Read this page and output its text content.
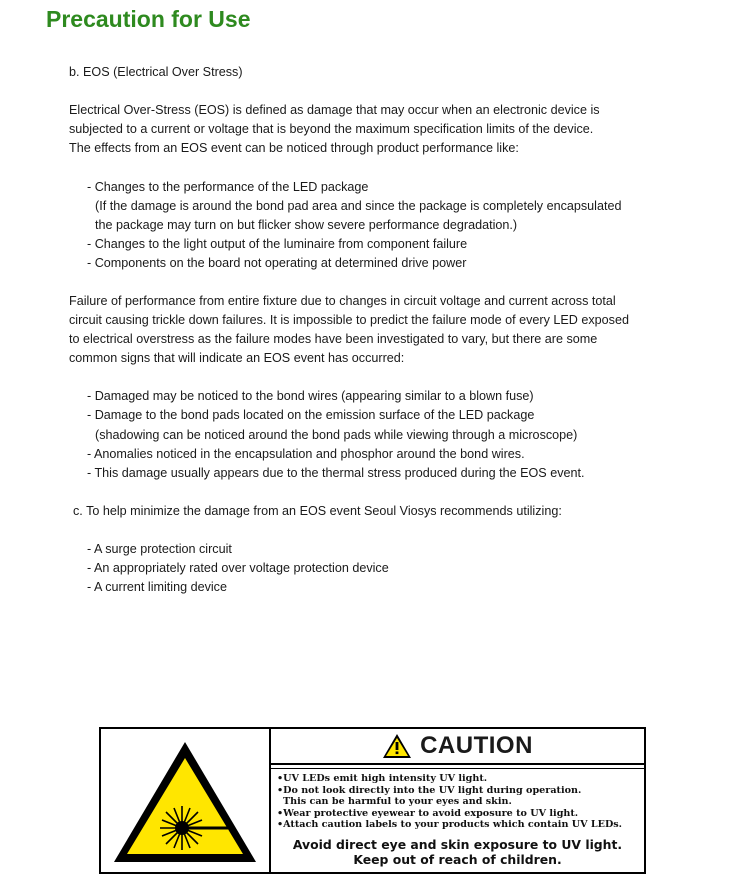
Precaution for Use
b. EOS (Electrical Over Stress)
Electrical Over-Stress (EOS) is defined as damage that may occur when an electronic device is
subjected to a current or voltage that is beyond the maximum specification limits of the device.
The effects from an EOS event can be noticed through product performance like:
- Changes to the performance of the LED package
(If the damage is around the bond pad area and since the package is completely encapsulated
the package may turn on but flicker show severe performance degradation.)
- Changes to the light output of the luminaire from component failure
- Components on the board not operating at determined drive power
Failure of performance from entire fixture due to changes in circuit voltage and current across total
circuit causing trickle down failures. It is impossible to predict the failure mode of every LED exposed
to electrical overstress as the failure modes have been investigated to vary, but there are some
common signs that will indicate an EOS event has occurred:
- Damaged may be noticed to the bond wires (appearing similar to a blown fuse)
- Damage to the bond pads located on the emission surface of the LED package
(shadowing can be noticed around the bond pads while viewing through a microscope)
- Anomalies noticed in the encapsulation and phosphor around the bond wires.
- This damage usually appears due to the thermal stress produced during the EOS event.
c. To help minimize the damage from an EOS event Seoul Viosys recommends utilizing:
- A surge protection circuit
- An appropriately rated over voltage protection device
- A current limiting device
CAUTION
•UV LEDs emit high intensity UV light.
•Do not look directly into the UV light during operation.
This can be harmful to your eyes and skin.
•Wear protective eyewear to avoid exposure to UV light.
•Attach caution labels to your products which contain UV LEDs.
Avoid direct eye and skin exposure to UV light.
Keep out of reach of children.
